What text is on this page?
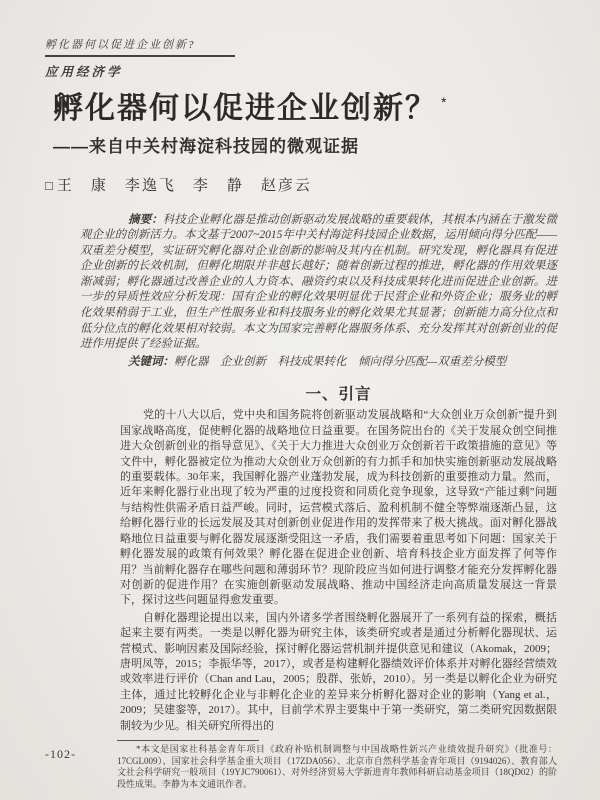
孵化器何以促进企业创新?
应用经济学
孵化器何以促进企业创新？ *
——来自中关村海淀科技园的微观证据
□ 王　康　李逸飞　李　静　赵彦云

摘要：科技企业孵化器是推动创新驱动发展战略的重要载体，其根本内涵在于激发微观企业的创新活力。本文基于2007~2015年中关村海淀科技园企业数据，运用倾向得分匹配——双重差分模型，实证研究孵化器对企业创新的影响及其内在机制。研究发现，孵化器具有促进企业创新的长效机制，但孵化期限并非越长越好；随着创新过程的推进，孵化器的作用效果逐渐减弱；孵化器通过改善企业的人力资本、融资约束以及科技成果转化进而促进企业创新。进一步的异质性效应分析发现：国有企业的孵化效果明显优于民营企业和外资企业；服务业的孵化效果稍弱于工业，但生产性服务业和科技服务业的孵化效果尤其显著；创新能力高分位点和低分位点的孵化效果相对较弱。本文为国家完善孵化器服务体系、充分发挥其对创新创业的促进作用提供了经验证据。

关键词：孵化器　企业创新　科技成果转化　倾向得分匹配—双重差分模型
一、引言

党的十八大以后，党中央和国务院将创新驱动发展战略和“大众创业万众创新”提升到国家战略高度，促使孵化器的战略地位日益重要。在国务院出台的《关于发展众创空间推进大众创新创业的指导意见》、《关于大力推进大众创业万众创新若干政策措施的意见》等文件中，孵化器被定位为推动大众创业万众创新的有力抓手和加快实施创新驱动发展战略的重要载体。30年来，我国孵化器产业蓬勃发展，成为科技创新的重要推动力量。然而，近年来孵化器行业出现了较为严重的过度投资和同质化竞争现象，这导致“产能过剩”问题与结构性供需矛盾日益严峻。同时，运营模式落后、盈利机制不健全等弊端逐渐凸显，这给孵化器行业的长远发展及其对创新创业促进作用的发挥带来了极大挑战。面对孵化器战略地位日益重要与孵化器发展逐渐受阻这一矛盾，我们需要着重思考如下问题：国家关于孵化器发展的政策有何效果？孵化器在促进企业创新、培育科技企业方面发挥了何等作用？当前孵化器存在哪些问题和薄弱环节？现阶段应当如何进行调整才能充分发挥孵化器对创新的促进作用？在实施创新驱动发展战略、推动中国经济走向高质量发展这一背景下，探讨这些问题显得愈发重要。

自孵化器理论提出以来，国内外诸多学者围绕孵化器展开了一系列有益的探索，概括起来主要有两类。一类是以孵化器为研究主体，该类研究或者是通过分析孵化器现状、运营模式、影响因素及国际经验，探讨孵化器运营机制并提供意见和建议（Akomak，2009；唐明凤等，2015；李振华等，2017），或者是构建孵化器绩效评价体系并对孵化器经营绩效或效率进行评价（Chan and Lau，2005；殷群、张娇，2010）。另一类是以孵化企业为研究主体，通过比较孵化企业与非孵化企业的差异来分析孵化器对企业的影响（Yang et al.，2009；吴建銮等，2017）。其中，目前学术界主要集中于第一类研究，第二类研究因数据限制较为少见。相关研究所得出的

*本文是国家社科基金青年项目《政府补贴机制调整与中国战略性新兴产业绩效提升研究》（批准号：17CGL009）、国家社会科学基金重大项目（17ZDA056）、北京市自然科学基金青年项目（9194026）、教育部人文社会科学研究一般项目（19YJC790061）、对外经济贸易大学新进青年教师科研启动基金项目（18QD02）的阶段性成果。李静为本文通讯作者。

-102-
